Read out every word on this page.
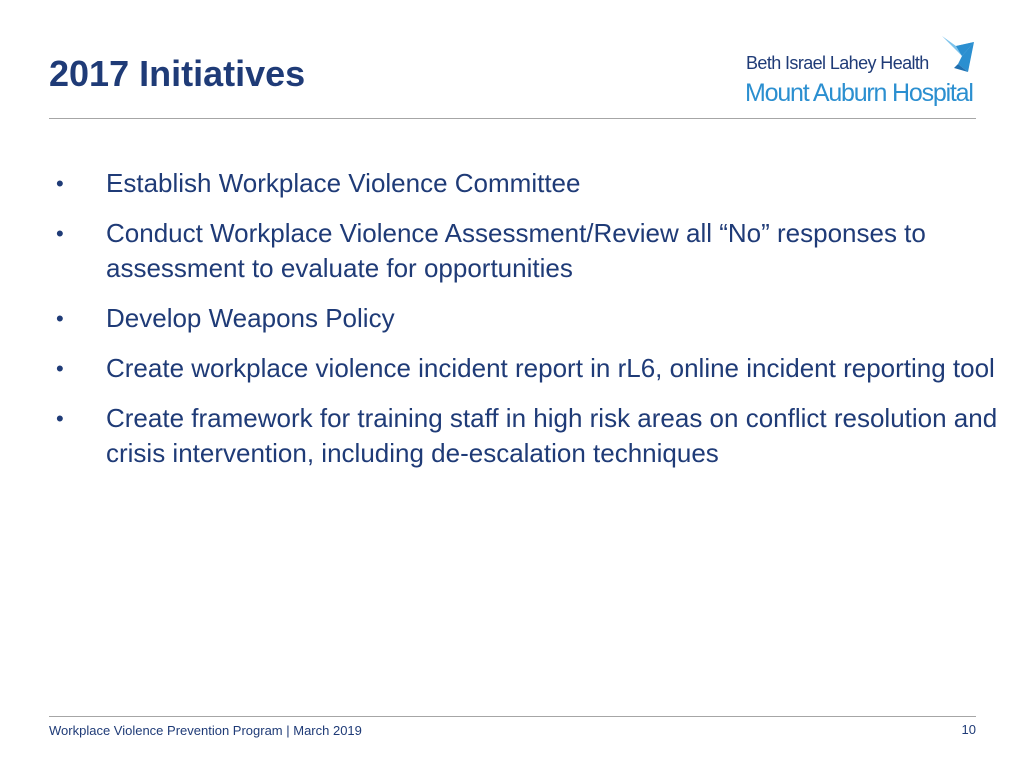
2017 Initiatives	Beth Israel Lahey Health
Mount Auburn Hospital
•	Establish Workplace Violence Committee
•	Conduct Workplace Violence Assessment/Review all “No” responses to assessment to evaluate for opportunities
•	Develop Weapons Policy
•	Create workplace violence incident report in rL6, online incident reporting tool
•	Create framework for training staff in high risk areas on conflict resolution and crisis intervention, including de-escalation techniques
Workplace Violence Prevention Program | March 2019	10
